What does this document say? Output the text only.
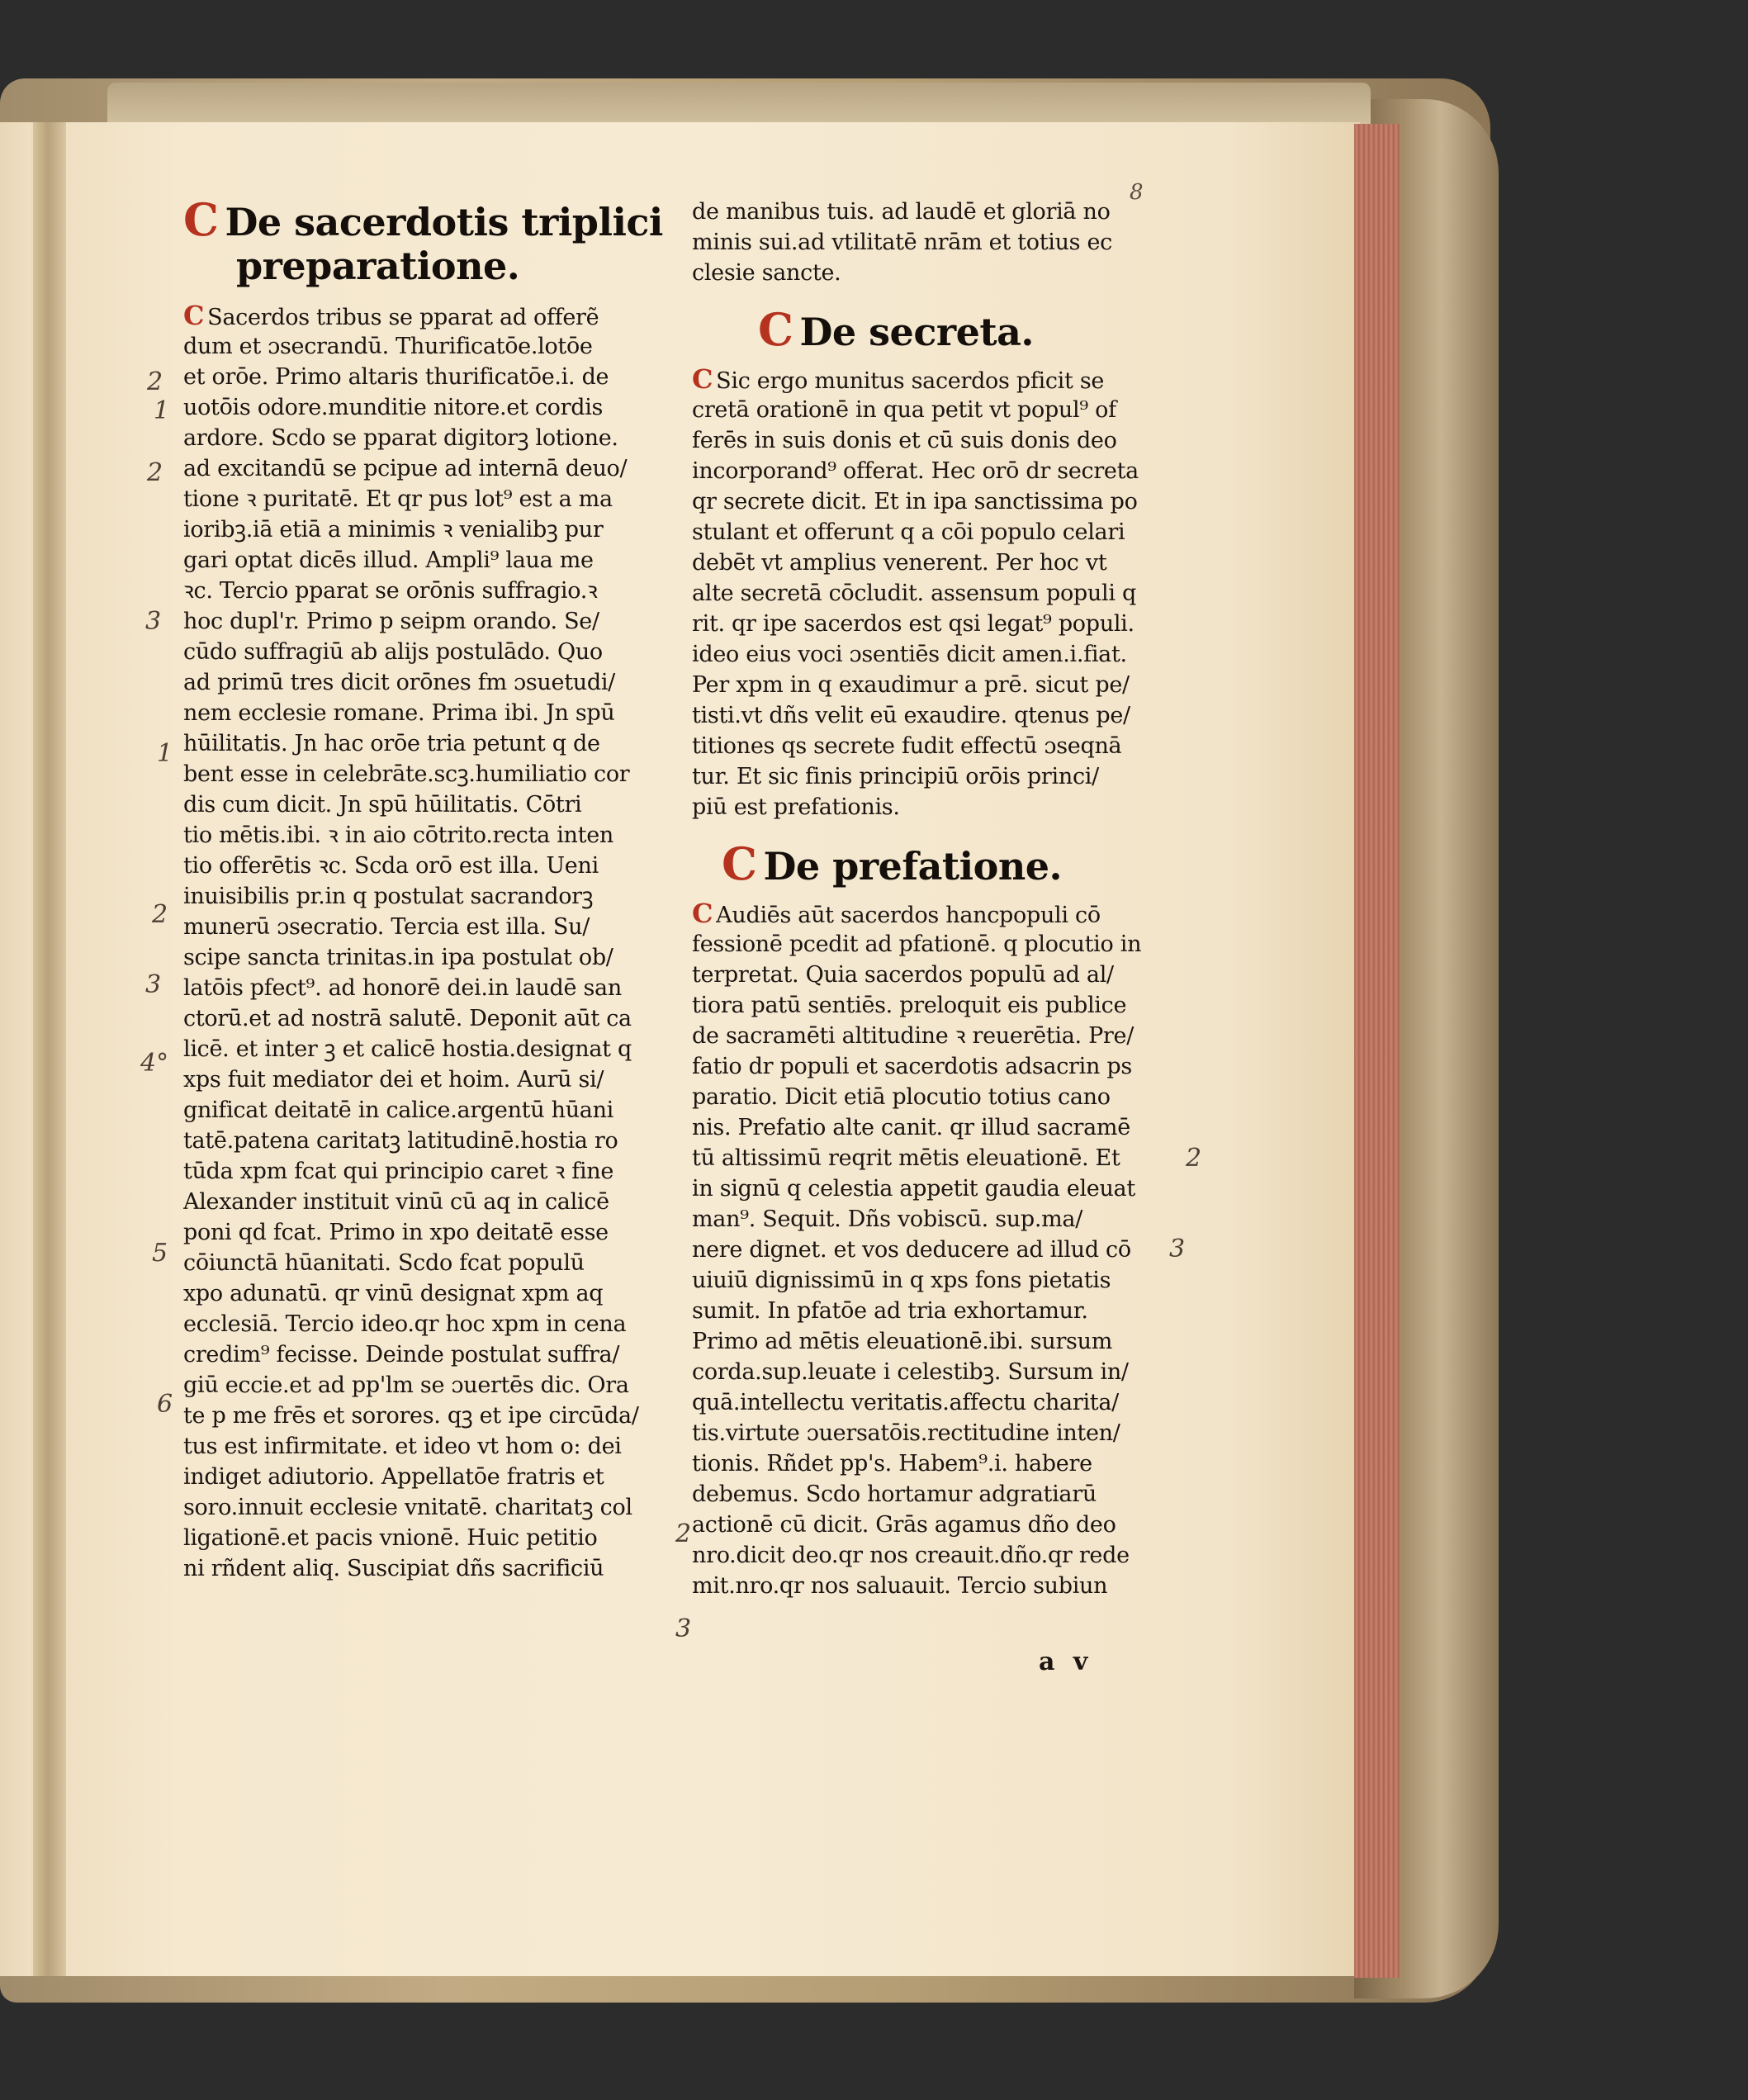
8
C De sacerdotis triplici
preparatione.
C Sacerdos tribus se pparat ad offerẽ
dum et ɔsecrandū. Thurificatōe.lotōe
et orōe. Primo altaris thurificatōe.i. de
uotōis odore.munditie nitore.et cordis
ardore. Scdo se pparat digitorꝫ lotione.
ad excitandū se pcipue ad internā deuo/
tione ꝛ puritatē. Et qr pus lot⁹ est a ma
ioribꝫ.iā etiā a minimis ꝛ venialibꝫ pur
gari optat dicēs illud. Ampli⁹ laua me
ꝛc. Tercio pparat se orōnis suffragio.ꝛ
hoc dupl'r. Primo p seipm orando. Se/
cūdo suffragiū ab alijs postulādo. Quo
ad primū tres dicit orōnes fm ɔsuetudi/
nem ecclesie romane. Prima ibi. Jn spū
hūilitatis. Jn hac orōe tria petunt q de
bent esse in celebrāte.scꝫ.humiliatio cor
dis cum dicit. Jn spū hūilitatis. Cōtri
tio mētis.ibi. ꝛ in aio cōtrito.recta inten
tio offerētis ꝛc. Scda orō est illa. Ueni
inuisibilis pr.in q postulat sacrandorꝫ
munerū ɔsecratio. Tercia est illa. Su/
scipe sancta trinitas.in ipa postulat ob/
latōis pfect⁹. ad honorē dei.in laudē san
ctorū.et ad nostrā salutē. Deponit aūt ca
licē. et inter ꝫ et calicē hostia.designat q
xps fuit mediator dei et hoim. Aurū si/
gnificat deitatē in calice.argentū hūani
tatē.patena caritatꝫ latitudinē.hostia ro
tūda xpm fcat qui principio caret ꝛ fine
Alexander instituit vinū cū aq in calicē
poni qd fcat. Primo in xpo deitatē esse
cōiunctā hūanitati. Scdo fcat populū
xpo adunatū. qr vinū designat xpm aq
ecclesiā. Tercio ideo.qr hoc xpm in cena
credim⁹ fecisse. Deinde postulat suffra/
giū eccie.et ad pp'lm se ɔuertēs dic. Ora
te p me frēs et sorores. qꝫ et ipe circūda/
tus est infirmitate. et ideo vt hom o: dei
indiget adiutorio. Appellatōe fratris et
soro.innuit ecclesie vnitatē. charitatꝫ col
ligationē.et pacis vnionē. Huic petitio
ni rñdent aliq. Suscipiat dñs sacrificiū
de manibus tuis. ad laudē et gloriā no
minis sui.ad vtilitatē nrām et totius ec
clesie sancte.
C De secreta.
C Sic ergo munitus sacerdos pficit se
cretā orationē in qua petit vt popul⁹ of
ferēs in suis donis et cū suis donis deo
incorporand⁹ offerat. Hec orō dr secreta
qr secrete dicit. Et in ipa sanctissima po
stulant et offerunt q a cōi populo celari
debēt vt amplius venerent. Per hoc vt
alte secretā cōcludit. assensum populi q
rit. qr ipe sacerdos est qsi legat⁹ populi.
ideo eius voci ɔsentiēs dicit amen.i.fiat.
Per xpm in q exaudimur a prē. sicut pe/
tisti.vt dñs velit eū exaudire. qtenus pe/
titiones qs secrete fudit effectū ɔseqnā
tur. Et sic finis principiū orōis princi/
piū est prefationis.
C De prefatione.
C Audiēs aūt sacerdos hancpopuli cō
fessionē pcedit ad pfationē. q plocutio in
terpretat. Quia sacerdos populū ad al/
tiora patū sentiēs. preloquit eis publice
de sacramēti altitudine ꝛ reuerētia. Pre/
fatio dr populi et sacerdotis adsacrin ps
paratio. Dicit etiā plocutio totius cano
nis. Prefatio alte canit. qr illud sacramē
tū altissimū reqrit mētis eleuationē. Et
in signū q celestia appetit gaudia eleuat
man⁹. Sequit. Dñs vobiscū. sup.ma/
nere dignet. et vos deducere ad illud cō
uiuiū dignissimū in q xps fons pietatis
sumit. In pfatōe ad tria exhortamur.
Primo ad mētis eleuationē.ibi. sursum
corda.sup.leuate i celestibꝫ. Sursum in/
quā.intellectu veritatis.affectu charita/
tis.virtute ɔuersatōis.rectitudine inten/
tionis. Rñdet pp's. Habem⁹.i. habere
debemus. Scdo hortamur adgratiarū
actionē cū dicit. Grās agamus dño deo
nro.dicit deo.qr nos creauit.dño.qr rede
mit.nro.qr nos saluauit. Tercio subiun
a v
2
1
2
3
1
2
3
4°
5
6
2
3
2
3
